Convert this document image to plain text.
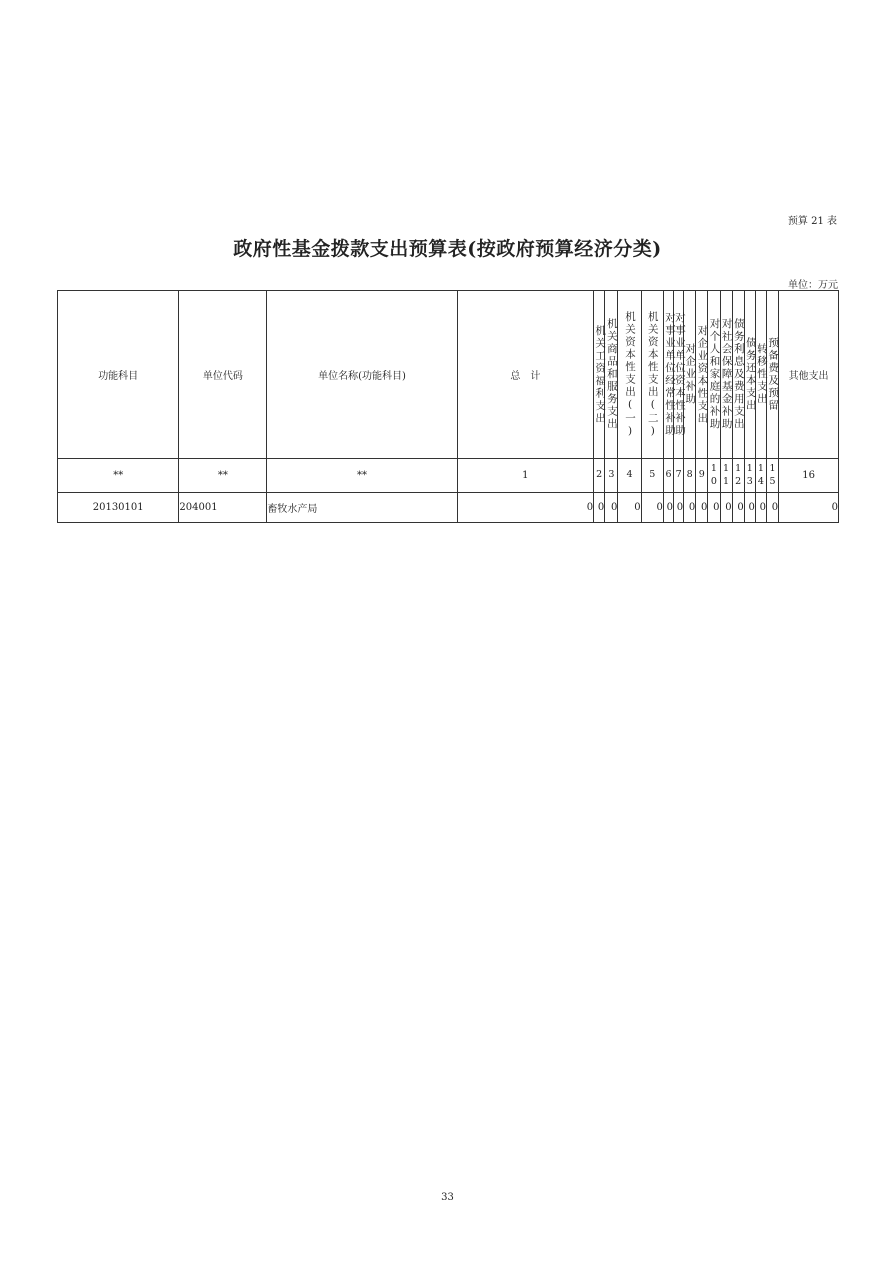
预算 21 表
政府性基金拨款支出预算表(按政府预算经济分类)
单位：万元
功能科目	单位代码	单位名称(功能科目)	总　计	机关工资福利支出	机关商品和服务支出	机关资本性支出(一)	机关资本性支出(二)	对事业单位经常性补助	对事业单位资本性补助	对企业补助	对企业资本性支出	对个人和家庭的补助	对社会保障基金补助	债务利息及费用支出	债务还本支出	转移性支出	预备费及预留	其他支出
**	**	**	1	2	3	4	5	6	7	8	9	10	11	12	13	14	15	16
20130101	204001	畜牧水产局	0	0	0	0	0	0	0	0	0	0	0	0	0	0	0	0
33
